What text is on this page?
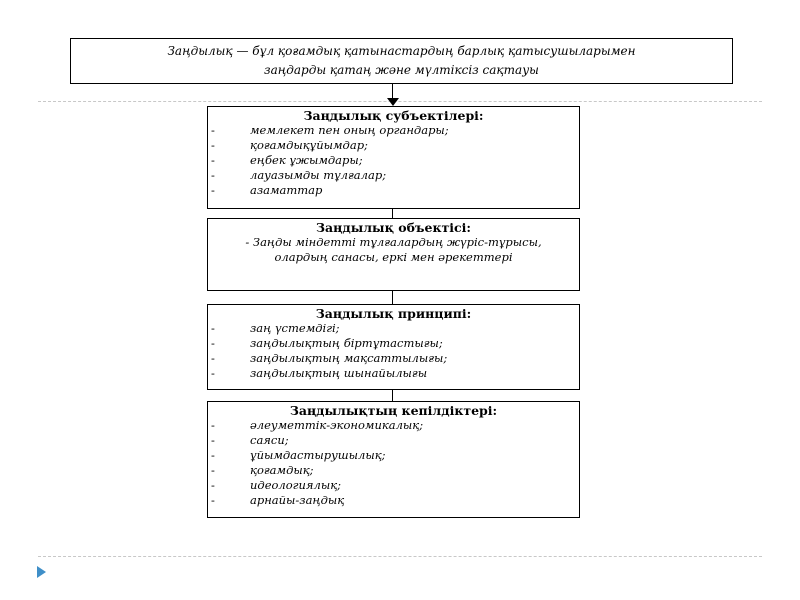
Заңдылық — бұл қоғамдық қатынастардың барлық қатысушыларымен
заңдарды қатаң және мүлтіксіз сақтауы
Заңдылық субъектілері:
-	мемлекет пен оның органдары;
-	қоғамдықұйымдар;
-	еңбек ұжымдары;
-	лауазымды тұлғалар;
-	азаматтар
Заңдылық объектісі:
- Заңды міндетті тұлғалардың жүріс-тұрысы, олардың санасы, еркі мен әрекеттері
Заңдылық принципі:
-	заң үстемдігі;
-	заңдылықтың біртұтастығы;
-	заңдылықтың мақсаттылығы;
-	заңдылықтың шынайылығы
Заңдылықтың кепілдіктері:
-	әлеуметтік-экономикалық;
-	саяси;
-	ұйымдастырушылық;
-	қоғамдық;
-	идеологиялық;
-	арнайы-заңдық
